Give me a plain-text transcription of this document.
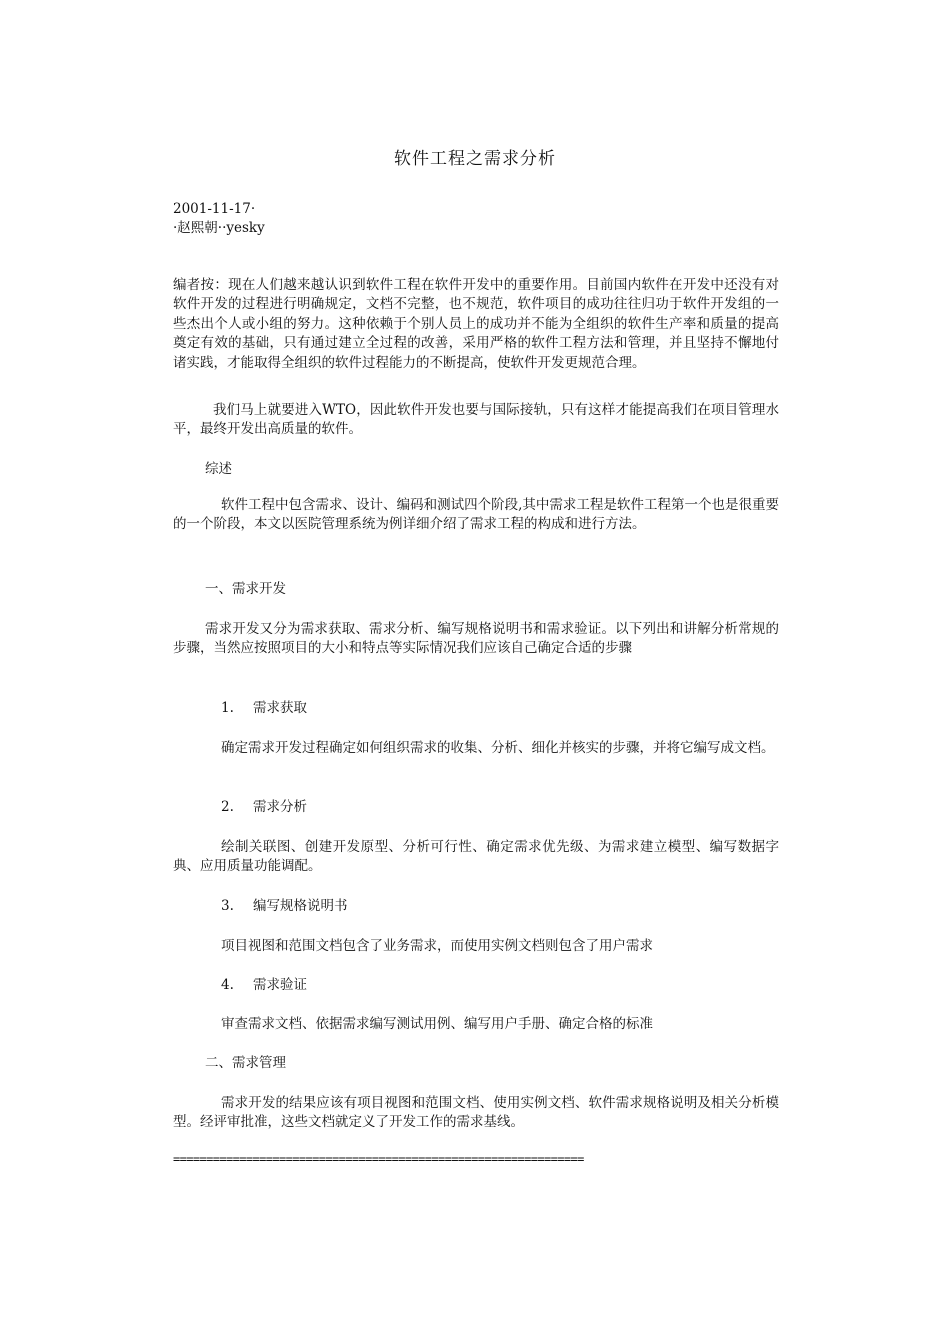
软件工程之需求分析
2001-11-17·
·赵熙朝··yesky
编者按：现在人们越来越认识到软件工程在软件开发中的重要作用。目前国内软件在开发中还没有对软件开发的过程进行明确规定，文档不完整，也不规范，软件项目的成功往往归功于软件开发组的一些杰出个人或小组的努力。这种依赖于个别人员上的成功并不能为全组织的软件生产率和质量的提高奠定有效的基础，只有通过建立全过程的改善，采用严格的软件工程方法和管理，并且坚持不懈地付诸实践，才能取得全组织的软件过程能力的不断提高，使软件开发更规范合理。
我们马上就要进入WTO，因此软件开发也要与国际接轨，只有这样才能提高我们在项目管理水平，最终开发出高质量的软件。
综述
软件工程中包含需求、设计、编码和测试四个阶段,其中需求工程是软件工程第一个也是很重要的一个阶段，本文以医院管理系统为例详细介绍了需求工程的构成和进行方法。
一、需求开发
需求开发又分为需求获取、需求分析、编写规格说明书和需求验证。以下列出和讲解分析常规的步骤，当然应按照项目的大小和特点等实际情况我们应该自己确定合适的步骤
1. 需求获取
确定需求开发过程确定如何组织需求的收集、分析、细化并核实的步骤，并将它编写成文档。
2. 需求分析
绘制关联图、创建开发原型、分析可行性、确定需求优先级、为需求建立模型、编写数据字典、应用质量功能调配。
3. 编写规格说明书
项目视图和范围文档包含了业务需求，而使用实例文档则包含了用户需求
4. 需求验证
审查需求文档、依据需求编写测试用例、编写用户手册、确定合格的标准
二、需求管理
需求开发的结果应该有项目视图和范围文档、使用实例文档、软件需求规格说明及相关分析模型。经评审批准，这些文档就定义了开发工作的需求基线。
==============================================================
